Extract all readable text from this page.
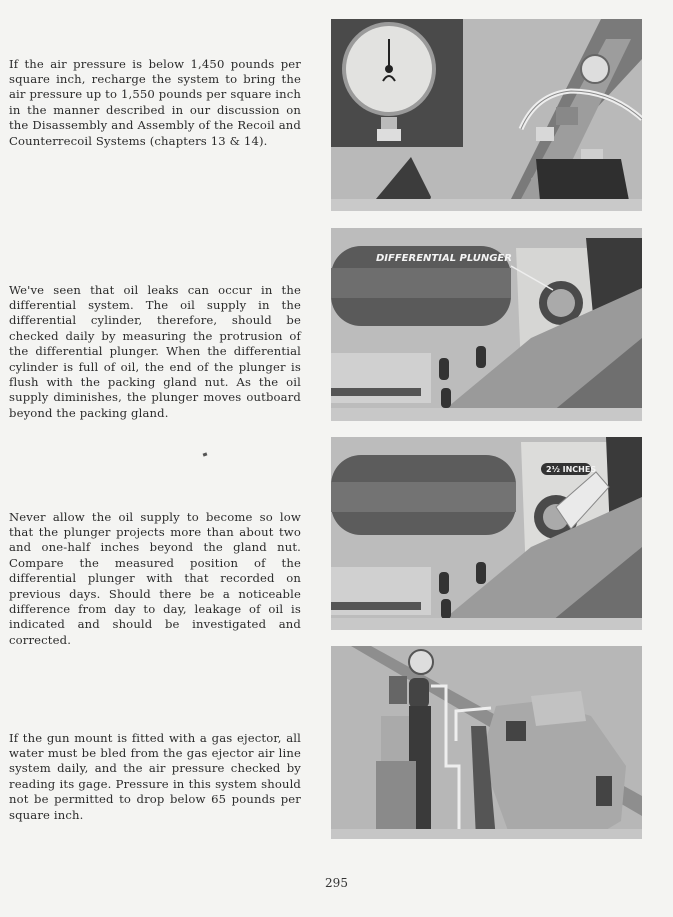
If the air pressure is below 1,450 pounds per square inch, recharge the system to bring the air pressure up to 1,550 pounds per square inch in the manner described in our discussion on the Disassembly and Assembly of the Recoil and Counterrecoil Systems (chapters 13 & 14).

We've seen that oil leaks can occur in the differential system. The oil supply in the differential cylinder, therefore, should be checked daily by measuring the protrusion of the differential plunger. When the differential cylinder is full of oil, the end of the plunger is flush with the packing gland nut. As the oil supply diminishes, the plunger moves outboard beyond the packing gland.

Never allow the oil supply to become so low that the plunger projects more than about two and one-half inches beyond the gland nut. Compare the measured position of the differential plunger with that recorded on previous days. Should there be a noticeable difference from day to day, leakage of oil is indicated and should be investigated and corrected.

If the gun mount is fitted with a gas ejector, all water must be bled from the gas ejector air line system daily, and the air pressure checked by reading its gage. Pressure in this system should not be permitted to drop below 65 pounds per square inch.

DIFFERENTIAL PLUNGER
2½ INCHES
295
